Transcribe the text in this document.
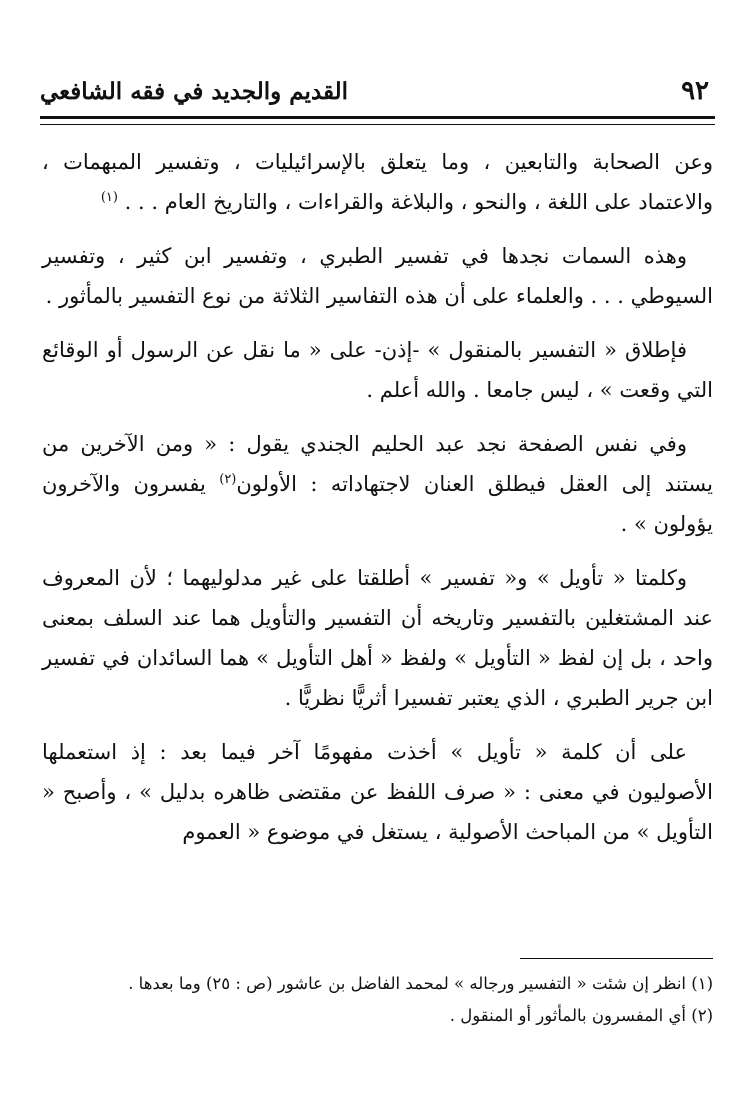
٩٢
القديم والجديد في فقه الشافعي

وعن الصحابة والتابعين ، وما يتعلق بالإسرائيليات ، وتفسير المبهمات ، والاعتماد على اللغة ، والنحو ، والبلاغة والقراءات ، والتاريخ العام . . . $^{(١)}$

وهذه السمات نجدها في تفسير الطبري ، وتفسير ابن كثير ، وتفسير السيوطي . . . والعلماء على أن هذه التفاسير الثلاثة من نوع التفسير بالمأثور .

فإطلاق « التفسير بالمنقول » -إذن- على « ما نقل عن الرسول أو الوقائع التي وقعت » ، ليس جامعا . والله أعلم .

وفي نفس الصفحة نجد عبد الحليم الجندي يقول : « ومن الآخرين من يستند إلى العقل فيطلق العنان لاجتهاداته : الأولون$^{(٢)}$ يفسرون والآخرون يؤولون » .

وكلمتا « تأويل » و« تفسير » أطلقتا على غير مدلوليهما ؛ لأن المعروف عند المشتغلين بالتفسير وتاريخه أن التفسير والتأويل هما عند السلف بمعنى واحد ، بل إن لفظ « التأويل » ولفظ « أهل التأويل » هما السائدان في تفسير ابن جرير الطبري ، الذي يعتبر تفسيرا أثريًّا نظريًّا .

على أن كلمة « تأويل » أخذت مفهومًا آخر فيما بعد : إذ استعملها الأصوليون في معنى : « صرف اللفظ عن مقتضى ظاهره بدليل » ، وأصبح « التأويل » من المباحث الأصولية ، يستغل في موضوع « العموم

(١) انظر إن شئت « التفسير ورجاله » لمحمد الفاضل بن عاشور (ص : ٢٥) وما بعدها .
(٢) أي المفسرون بالمأثور أو المنقول .
